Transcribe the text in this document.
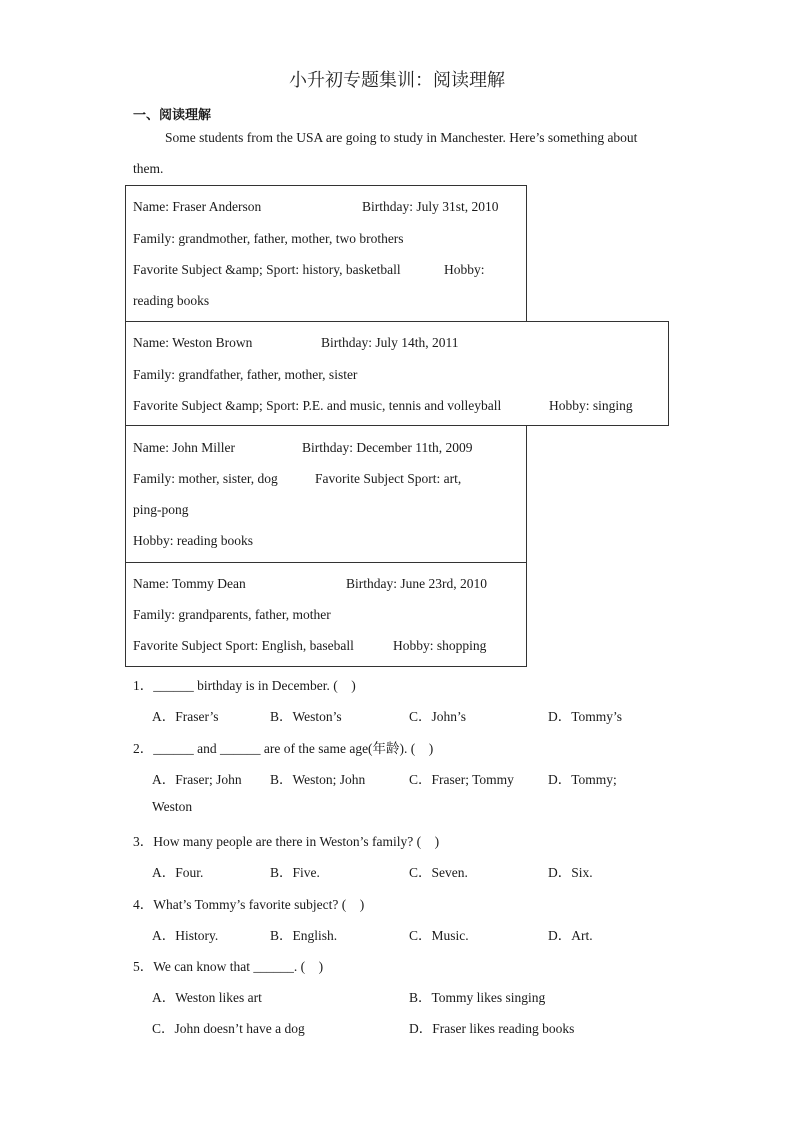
小升初专题集训：阅读理解
一、阅读理解
Some students from the USA are going to study in Manchester. Here’s something about
them.
Name: Fraser Anderson	Birthday: July 31st, 2010
Family: grandmother, father, mother, two brothers
Favorite Subject &amp; Sport: history, basketball	Hobby:
reading books
Name: Weston Brown	Birthday: July 14th, 2011
Family: grandfather, father, mother, sister
Favorite Subject &amp; Sport: P.E. and music, tennis and volleyball	Hobby: singing
Name: John Miller	Birthday: December 11th, 2009
Family: mother, sister, dog	Favorite Subject Sport: art,
ping-pong
Hobby: reading books
Name: Tommy Dean	Birthday: June 23rd, 2010
Family: grandparents, father, mother
Favorite Subject Sport: English, baseball	Hobby: shopping
1．______ birthday is in December. (　)
A．Fraser’s	B．Weston’s	C．John’s	D．Tommy’s
2．______ and ______ are of the same age(年龄). (　)
A．Fraser; John B．Weston; John	C．Fraser; Tommy	D．Tommy;
Weston
3．How many people are there in Weston’s family? (　)
A．Four.	B．Five.	C．Seven.	D．Six.
4．What’s Tommy’s favorite subject? (　)
A．History.	B．English.	C．Music.	D．Art.
5．We can know that ______. (　)
A．Weston likes art	B．Tommy likes singing
C．John doesn’t have a dog	D．Fraser likes reading books
